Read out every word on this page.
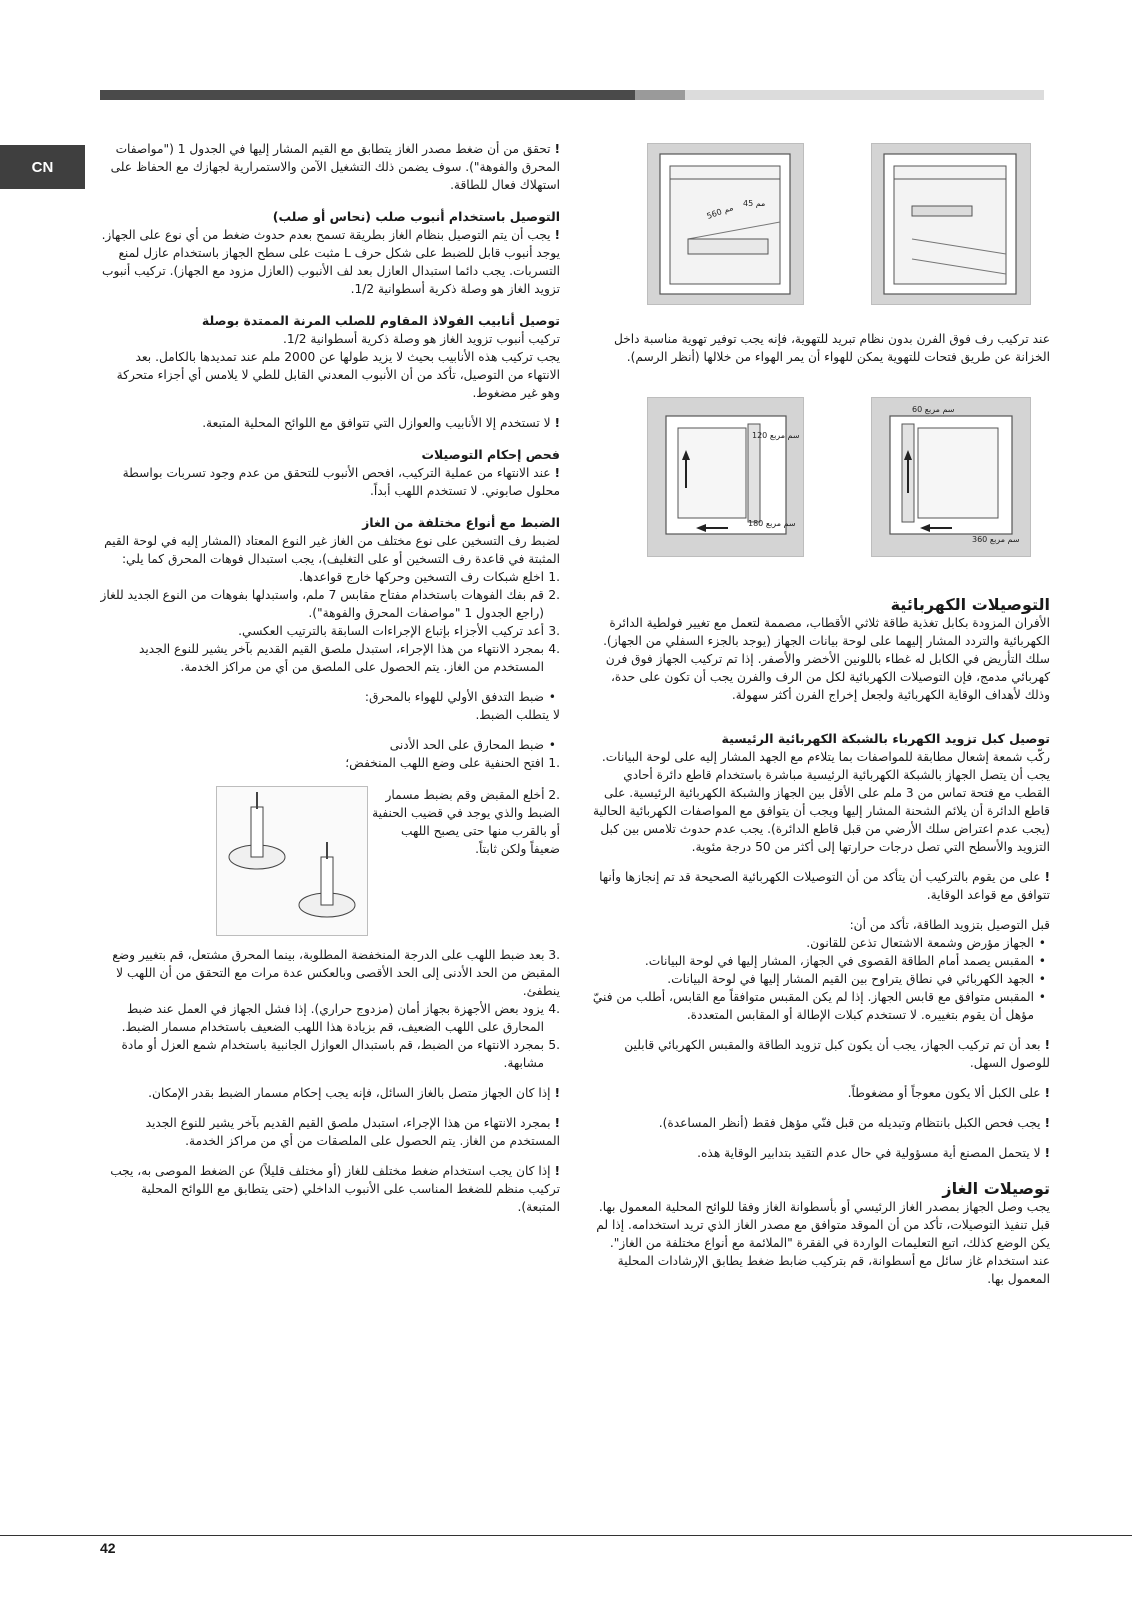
CN
560 مم 45 مم
عند تركيب رف فوق الفرن بدون نظام تبريد للتهوية، فإنه يجب توفير تهوية مناسبة داخل الخزانة عن طريق فتحات للتهوية يمكن للهواء أن يمر الهواء من خلالها (أنظر الرسم).
120 سم مربع
180 سم مربع
60 سم مربع
360 سم مربع

التوصيلات الكهربائية

الأفران المزودة بكابل تغذية طاقة ثلاثي الأقطاب، مصممة لتعمل مع تغيير فولطية الدائرة الكهربائية والتردد المشار إليهما على لوحة بيانات الجهاز (يوجد بالجزء السفلي من الجهاز). سلك التأريض في الكابل له غطاء باللونين الأخضر والأصفر. إذا تم تركيب الجهاز فوق فرن كهربائي مدمج، فإن التوصيلات الكهربائية لكل من الرف والفرن يجب أن تكون على حدة، وذلك لأهداف الوقاية الكهربائية ولجعل إخراج الفرن أكثر سهولة.

توصيل كبل تزويد الكهرباء بالشبكة الكهربائية الرئيسية

ركّب شمعة إشعال مطابقة للمواصفات بما يتلاءم مع الجهد المشار إليه على لوحة البيانات.

يجب أن يتصل الجهاز بالشبكة الكهربائية الرئيسية مباشرة باستخدام قاطع دائرة أحادي القطب مع فتحة تماس من 3 ملم على الأقل بين الجهاز والشبكة الكهربائية الرئيسية. على قاطع الدائرة أن يلائم الشحنة المشار إليها ويجب أن يتوافق مع المواصفات الكهربائية الحالية (يجب عدم اعتراض سلك الأرضي من قبل قاطع الدائرة). يجب عدم حدوث تلامس بين كبل التزويد والأسطح التي تصل درجات حرارتها إلى أكثر من 50 درجة مئوية.

! على من يقوم بالتركيب أن يتأكد من أن التوصيلات الكهربائية الصحيحة قد تم إنجازها وأنها تتوافق مع قواعد الوقاية.

قبل التوصيل بتزويد الطاقة، تأكد من أن:

•
الجهاز مؤرض وشمعة الاشتعال تذعن للقانون.
•
المقبس يصمد أمام الطاقة القصوى في الجهاز، المشار إليها في لوحة البيانات.
•
الجهد الكهربائي في نطاق يتراوح بين القيم المشار إليها في لوحة البيانات.
•
المقبس متوافق مع قابس الجهاز. إذا لم يكن المقبس متوافقاً مع القابس، أطلب من فنيّ مؤهل أن يقوم بتغييره. لا تستخدم كبلات الإطالة أو المقابس المتعددة.

! بعد أن تم تركيب الجهاز، يجب أن يكون كبل تزويد الطاقة والمقبس الكهربائي قابلين للوصول السهل.

! على الكبل ألا يكون معوجاً أو مضغوطاً.

! يجب فحص الكبل بانتظام وتبديله من قبل فنّي مؤهل فقط (أنظر المساعدة).

! لا يتحمل المصنع أية مسؤولية في حال عدم التقيد بتدابير الوقاية هذه.

توصيلات الغاز

يجب وصل الجهاز بمصدر الغاز الرئيسي أو بأسطوانة الغاز وفقا للوائح المحلية المعمول بها. قبل تنفيذ التوصيلات، تأكد من أن الموقد متوافق مع مصدر الغاز الذي تريد استخدامه. إذا لم يكن الوضع كذلك، اتبع التعليمات الواردة في الفقرة "الملائمة مع أنواع مختلفة من الغاز".

عند استخدام غاز سائل مع أسطوانة، قم بتركيب ضابط ضغط يطابق الإرشادات المحلية المعمول بها.

! تحقق من أن ضغط مصدر الغاز يتطابق مع القيم المشار إليها في الجدول 1 ("مواصفات المحرق والفوهة"). سوف يضمن ذلك التشغيل الآمن والاستمرارية لجهازك مع الحفاظ على استهلاك فعال للطاقة.

التوصيل باستخدام أنبوب صلب (نحاس أو صلب)

! يجب أن يتم التوصيل بنظام الغاز بطريقة تسمح بعدم حدوث ضغط من أي نوع على الجهاز.

يوجد أنبوب قابل للضبط على شكل حرف L مثبت على سطح الجهاز باستخدام عازل لمنع التسربات. يجب دائما استبدال العازل بعد لف الأنبوب (العازل مزود مع الجهاز). تركيب أنبوب تزويد الغاز هو وصلة ذكرية أسطوانية 1/2.

توصيل أنابيب الفولاذ المقاوم للصلب المرنة الممتدة بوصلة

تركيب أنبوب تزويد الغاز هو وصلة ذكرية أسطوانية 1/2.

يجب تركيب هذه الأنابيب بحيث لا يزيد طولها عن 2000 ملم عند تمديدها بالكامل. بعد الانتهاء من التوصيل، تأكد من أن الأنبوب المعدني القابل للطي لا يلامس أي أجزاء متحركة وهو غير مضغوط.

! لا تستخدم إلا الأنابيب والعوازل التي تتوافق مع اللوائح المحلية المتبعة.

فحص إحكام التوصيلات

! عند الانتهاء من عملية التركيب، افحص الأنبوب للتحقق من عدم وجود تسربات بواسطة محلول صابوني. لا تستخدم اللهب أبداً.

الضبط مع أنواع مختلفة من الغاز

لضبط رف التسخين على نوع مختلف من الغاز غير النوع المعتاد (المشار إليه في لوحة القيم المثبتة في قاعدة رف التسخين أو على التغليف)، يجب استبدال فوهات المحرق كما يلي:

.1
اخلع شبكات رف التسخين وحركها خارج قواعدها.
.2
قم بفك الفوهات باستخدام مفتاح مقابس 7 ملم، واستبدلها بفوهات من النوع الجديد للغاز (راجع الجدول 1 "مواصفات المحرق والفوهة").
.3
أعد تركيب الأجزاء بإتباع الإجراءات السابقة بالترتيب العكسي.
.4
بمجرد الانتهاء من هذا الإجراء، استبدل ملصق القيم القديم بآخر يشير للنوع الجديد المستخدم من الغاز. يتم الحصول على الملصق من أي من مراكز الخدمة.
•
ضبط التدفق الأولي للهواء بالمحرق:

لا يتطلب الضبط.

•
ضبط المحارق على الحد الأدنى
.1
افتح الحنفية على وضع اللهب المنخفض؛
.2 أخلع المقبض وقم بضبط مسمار الضبط والذي يوجد في قضيب الحنفية أو بالقرب منها حتى يصبح اللهب ضعيفاً ولكن ثابتاً.

.3 بعد ضبط اللهب على الدرجة المنخفضة المطلوبة، بينما المحرق مشتعل، قم بتغيير وضع المقبض من الحد الأدنى إلى الحد الأقصى وبالعكس عدة مرات مع التحقق من أن اللهب لا ينطفئ.

.4
يزود بعض الأجهزة بجهاز أمان (مزدوج حراري). إذا فشل الجهاز في العمل عند ضبط المحارق على اللهب الضعيف، قم بزيادة هذا اللهب الضعيف باستخدام مسمار الضبط.
.5
بمجرد الانتهاء من الضبط، قم باستبدال العوازل الجانبية باستخدام شمع العزل أو مادة مشابهة.

! إذا كان الجهاز متصل بالغاز السائل، فإنه يجب إحكام مسمار الضبط بقدر الإمكان.

! بمجرد الانتهاء من هذا الإجراء، استبدل ملصق القيم القديم بآخر يشير للنوع الجديد المستخدم من الغاز. يتم الحصول على الملصقات من أي من مراكز الخدمة.

! إذا كان يجب استخدام ضغط مختلف للغاز (أو مختلف قليلاً) عن الضغط الموصى به، يجب تركيب منظم للضغط المناسب على الأنبوب الداخلي (حتى يتطابق مع اللوائح المحلية المتبعة).

42
